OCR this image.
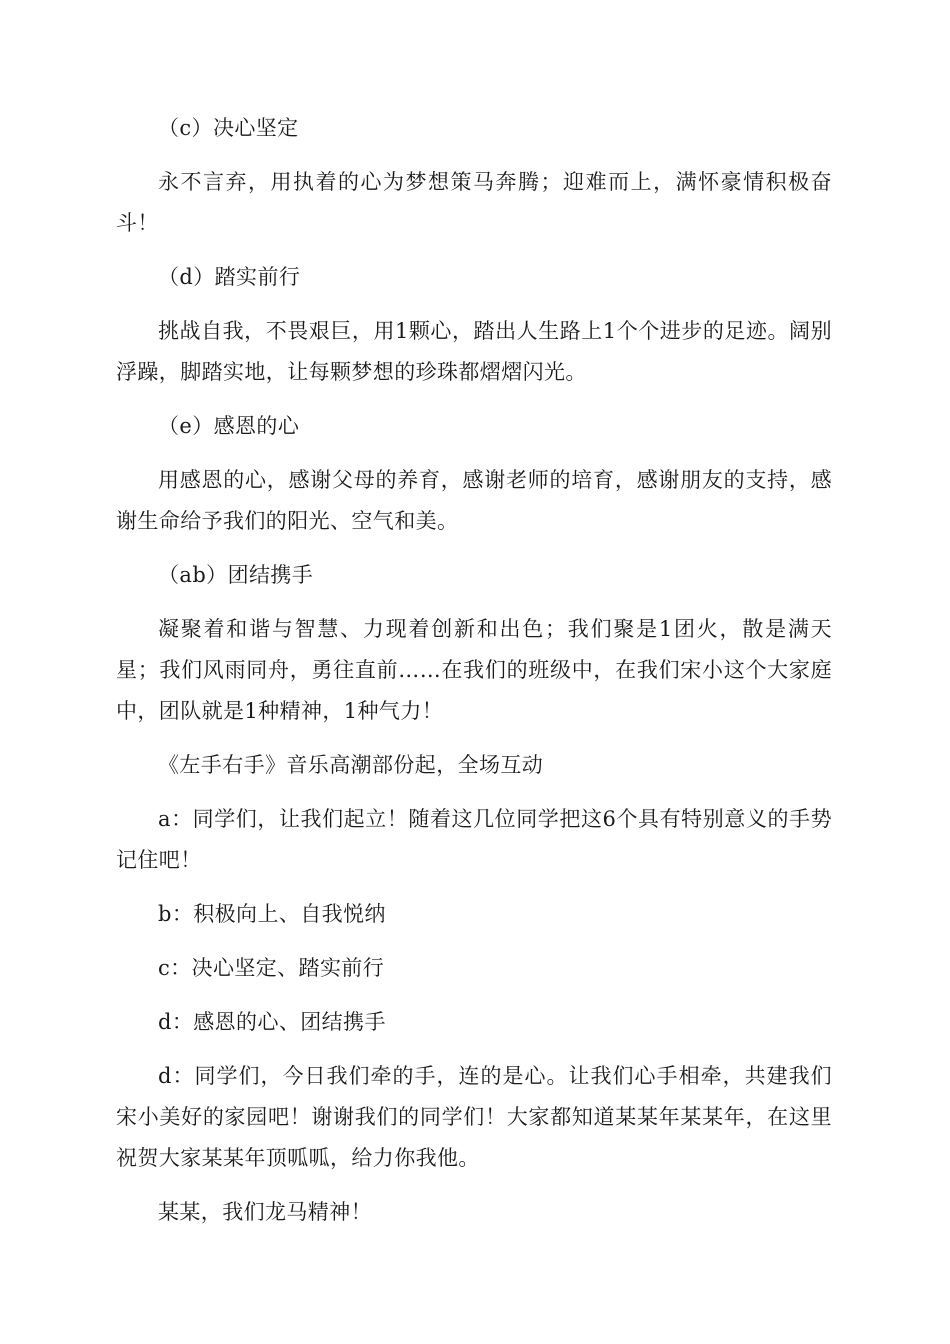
（c）决心坚定

永不言弃，用执着的心为梦想策马奔腾；迎难而上，满怀豪情积极奋斗！

（d）踏实前行

挑战自我，不畏艰巨，用1颗心，踏出人生路上1个个进步的足迹。阔别浮躁，脚踏实地，让每颗梦想的珍珠都熠熠闪光。

（e）感恩的心

用感恩的心，感谢父母的养育，感谢老师的培育，感谢朋友的支持，感谢生命给予我们的阳光、空气和美。

（ab）团结携手

凝聚着和谐与智慧、力现着创新和出色；我们聚是1团火，散是满天星；我们风雨同舟，勇往直前……在我们的班级中，在我们宋小这个大家庭中，团队就是1种精神，1种气力！

《左手右手》音乐高潮部份起，全场互动

a：同学们，让我们起立！随着这几位同学把这6个具有特别意义的手势记住吧！

b：积极向上、自我悦纳

c：决心坚定、踏实前行

d：感恩的心、团结携手

d：同学们，今日我们牵的手，连的是心。让我们心手相牵，共建我们宋小美好的家园吧！谢谢我们的同学们！大家都知道某某年某某年，在这里祝贺大家某某年顶呱呱，给力你我他。

某某，我们龙马精神！
